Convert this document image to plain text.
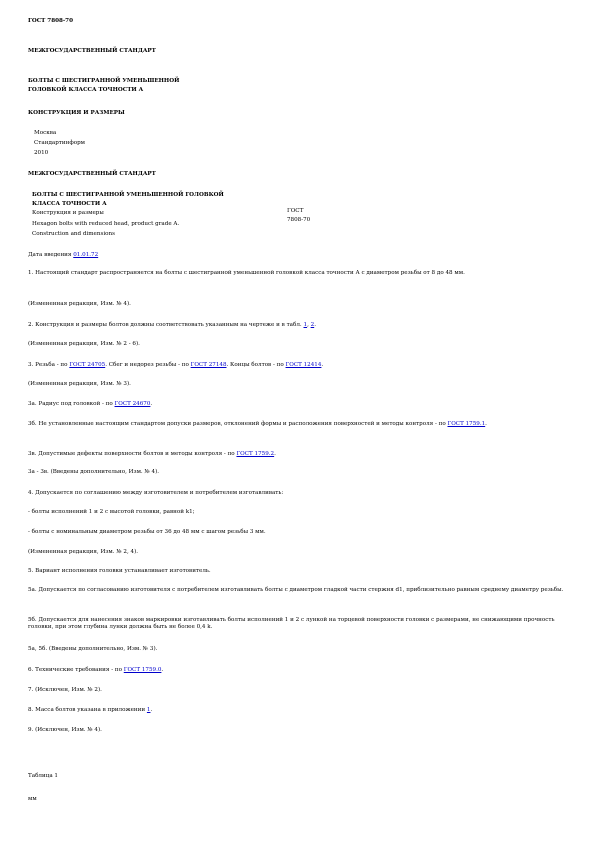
ГОСТ 7808-70
МЕЖГОСУДАРСТВЕННЫЙ СТАНДАРТ
БОЛТЫ С ШЕСТИГРАННОЙ УМЕНЬШЕННОЙ
ГОЛОВКОЙ КЛАССА ТОЧНОСТИ А
КОНСТРУКЦИЯ И РАЗМЕРЫ
Москва
Стандартинформ
2010
МЕЖГОСУДАРСТВЕННЫЙ СТАНДАРТ
БОЛТЫ С ШЕСТИГРАННОЙ УМЕНЬШЕННОЙ ГОЛОВКОЙ
КЛАССА ТОЧНОСТИ А
Конструкция и размеры
Hexagon bolts with reduced head, product grade A.
Construction and dimensions
ГОСТ
7808-70
Дата введения 01.01.72
1. Настоящий стандарт распространяется на болты с шестигранной уменьшенной головкой класса точности А с диаметром резьбы от 8 до 48 мм.
(Измененная редакция, Изм. № 4).
2. Конструкция и размеры болтов должны соответствовать указанным на чертеже и в табл. 1, 2.
(Измененная редакция, Изм. № 2 - 6).
3. Резьба - по ГОСТ 24705. Сбег и недорез резьбы - по ГОСТ 27148. Концы болтов - по ГОСТ 12414.
(Измененная редакция, Изм. № 3).
3а. Радиус под головкой - по ГОСТ 24670.
3б. Не установленные настоящим стандартом допуски размеров, отклонений формы и расположения поверхностей и методы контроля - по ГОСТ 1759.1.
3в. Допустимые дефекты поверхности болтов и методы контроля - по ГОСТ 1759.2.
3а - 3в. (Введены дополнительно, Изм. № 4).
4. Допускается по соглашению между изготовителем и потребителем изготавливать:
- болты исполнений 1 и 2 с высотой головки, равной k1;
- болты с номинальным диаметром резьбы от 36 до 48 мм с шагом резьбы 3 мм.
(Измененная редакция, Изм. № 2, 4).
5. Вариант исполнения головки устанавливает изготовитель.
5а. Допускается по согласованию изготовителя с потребителем изготавливать болты с диаметром гладкой части стержня d1, приблизительно равным среднему диаметру резьбы.
5б. Допускается для нанесения знаков маркировки изготавливать болты исполнений 1 и 2 с лункой на торцевой поверхности головки с размерами, не снижающими прочность головки, при этом глубина лунки должна быть не более 0,4 k.
5а, 5б. (Введены дополнительно, Изм. № 3).
6. Технические требования - по ГОСТ 1759.0.
7. (Исключен, Изм. № 2).
8. Масса болтов указана в приложении 1.
9. (Исключен, Изм. № 4).
Таблица 1
мм
